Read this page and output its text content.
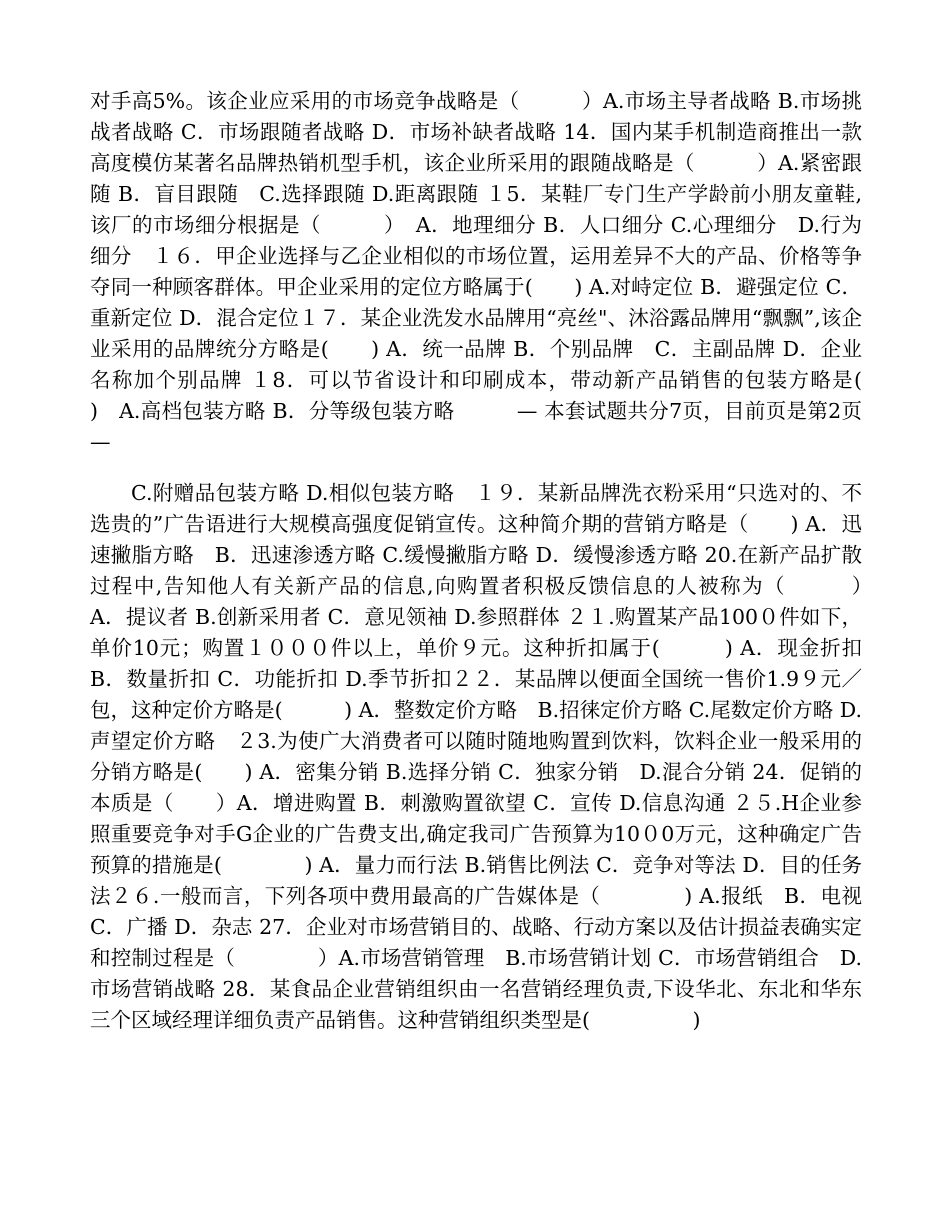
对手高5%。该企业应采用的市场竞争战略是（　　　）A.市场主导者战略 B.市场挑战者战略 C．市场跟随者战略 D．市场补缺者战略 14．国内某手机制造商推出一款高度模仿某著名品牌热销机型手机，该企业所采用的跟随战略是（　　　）A.紧密跟随 B．盲目跟随　C.选择跟随 D.距离跟随 １5．某鞋厂专门生产学龄前小朋友童鞋,该厂的市场细分根据是（　　　）　A．地理细分 B．人口细分 C.心理细分　D.行为细分　１６．甲企业选择与乙企业相似的市场位置，运用差异不大的产品、价格等争夺同一种顾客群体。甲企业采用的定位方略属于(　　) A.对峙定位 B．避强定位 C．重新定位 D．混合定位１７．某企业洗发水品牌用“亮丝"、沐浴露品牌用“飘飘”,该企业采用的品牌统分方略是(　　) A．统一品牌 B．个别品牌　C．主副品牌 D．企业名称加个别品牌 １8．可以节省设计和印刷成本，带动新产品销售的包装方略是(　　　　)　A.高档包装方略 B．分等级包装方略　　　— 本套试题共分7页，目前页是第2页—

C.附赠品包装方略 D.相似包装方略　１９．某新品牌洗衣粉采用“只选对的、不选贵的”广告语进行大规模高强度促销宣传。这种简介期的营销方略是（　　) A．迅速撇脂方略　B．迅速渗透方略 C.缓慢撇脂方略 D．缓慢渗透方略 20.在新产品扩散过程中,告知他人有关新产品的信息,向购置者积极反馈信息的人被称为（　　　）　A．提议者 B.创新采用者 C．意见领袖 D.参照群体 ２１.购置某产品100０件如下，单价10元；购置１０００件以上，单价９元。这种折扣属于(　　　) A．现金折扣 B．数量折扣 C．功能折扣 D.季节折扣２２．某品牌以便面全国统一售价1.9９元／包，这种定价方略是(　　　) A．整数定价方略　B.招徕定价方略 C.尾数定价方略 D.声望定价方略　２3.为使广大消费者可以随时随地购置到饮料，饮料企业一般采用的分销方略是(　　) A．密集分销 B.选择分销 C．独家分销　D.混合分销 24．促销的本质是（　　）A．增进购置 B．刺激购置欲望 C．宣传 D.信息沟通 ２５.H企业参照重要竞争对手G企业的广告费支出,确定我司广告预算为10０0万元，这种确定广告预算的措施是(　　　　) A．量力而行法 B.销售比例法 C．竞争对等法 D．目的任务法２６.一般而言，下列各项中费用最高的广告媒体是（　　　　) A.报纸　B．电视 C．广播 D．杂志 27．企业对市场营销目的、战略、行动方案以及估计损益表确实定和控制过程是（　　　　）A.市场营销管理　B.市场营销计划 C．市场营销组合　D.市场营销战略 28．某食品企业营销组织由一名营销经理负责,下设华北、东北和华东三个区域经理详细负责产品销售。这种营销组织类型是(　　　　　)
